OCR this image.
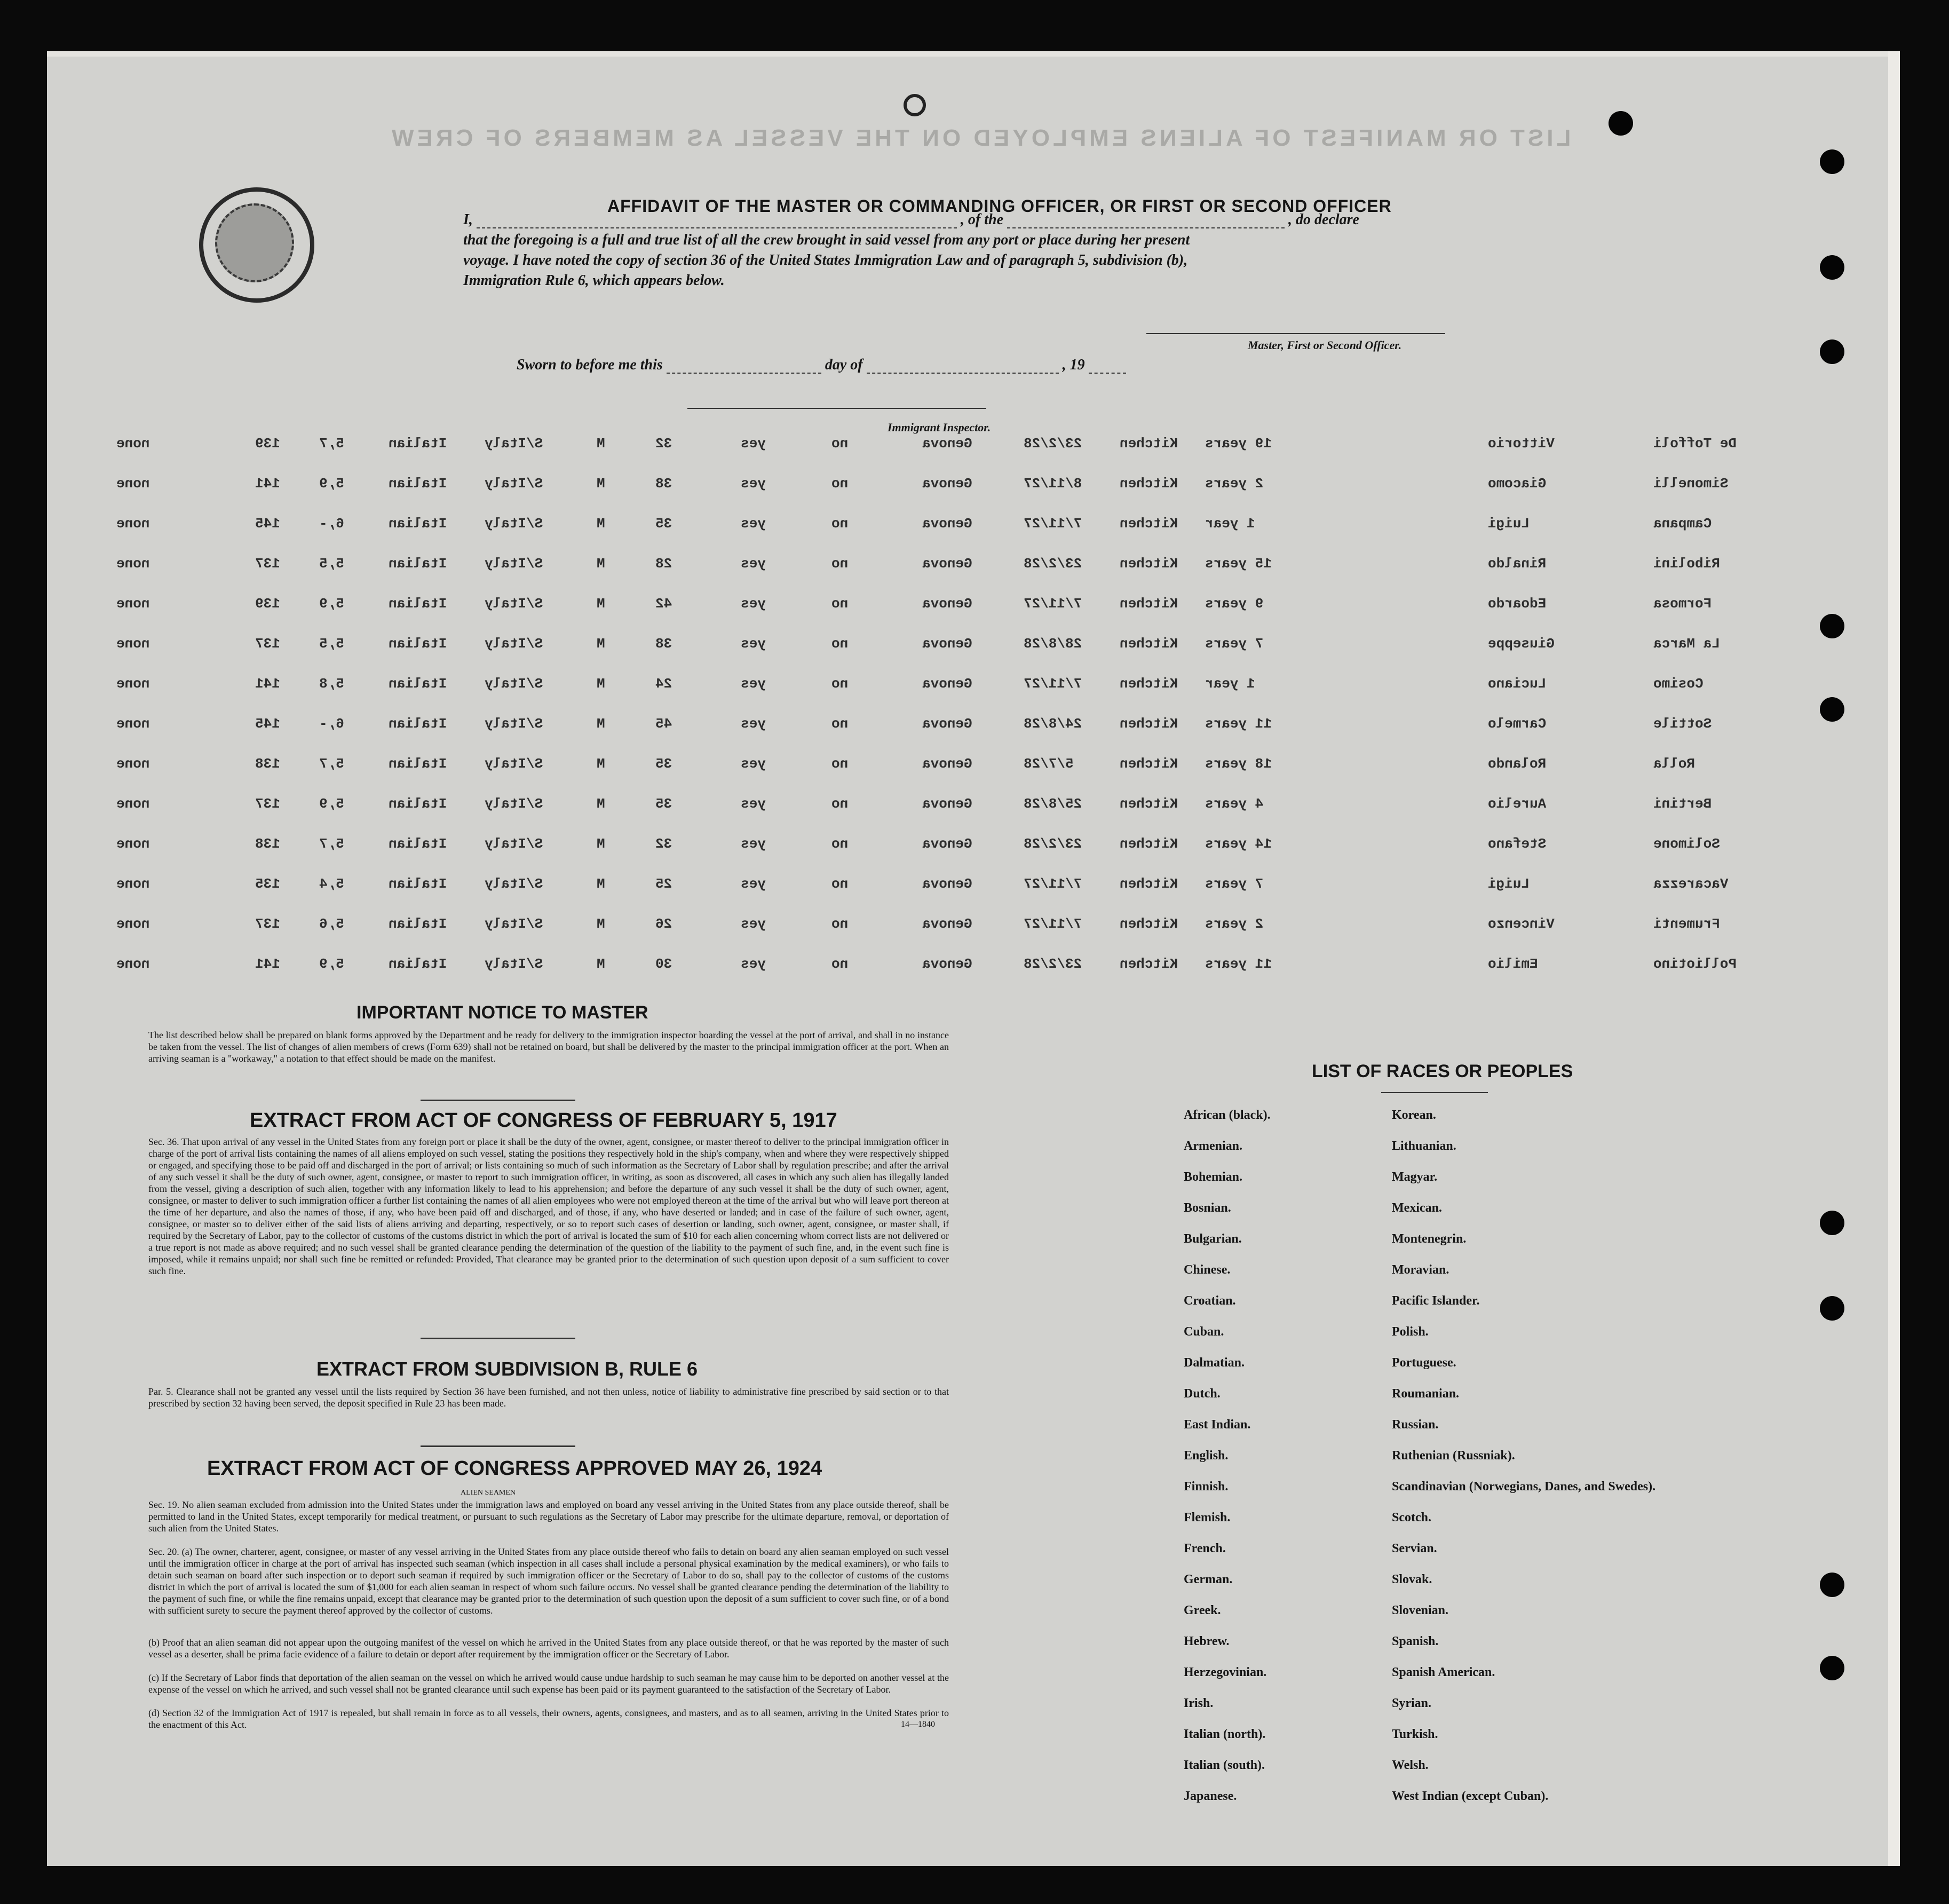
LIST OR MANIFEST OF ALIENS EMPLOYED ON THE VESSEL AS MEMBERS OF CREW
AFFIDAVIT OF THE MASTER OR COMMANDING OFFICER, OR FIRST OR SECOND OFFICER
I,	, of the	, do declare
that the foregoing is a full and true list of all the crew brought in said vessel from any port or place during her present
voyage. I have noted the copy of section 36 of the United States Immigration Law and of paragraph 5, subdivision (b),
Immigration Rule 6, which appears below.
Master, First or Second Officer.
Sworn to before me this	day of	, 19
Immigrant Inspector.
none	139	5,7	Italian	S/Italy	M	32	yes	no	Genova	23/2/28	Kitchen 19 years	Vittorio	De Toffoli
none	141	5,9	Italian	S/Italy	M	38	yes	no	Genova	8/11/27	Kitchen 2 years	Giacomo	Simonelli
none	145	6,-	Italian	S/Italy	M	35	yes	no	Genova	7/11/27	Kitchen 1 year	Luigi	Campana
none	137	5,5	Italian	S/Italy	M	28	yes	no	Genova	23/2/28	Kitchen 15 years	Rinaldo	Ribolini
none	139	5,9	Italian	S/Italy	M	42	yes	no	Genova	7/11/27	Kitchen 9 years	Edoardo	Formosa
none	137	5,5	Italian	S/Italy	M	38	yes	no	Genova	28/8/28	Kitchen 7 years	Giuseppe	La Marca
none	141	5,8	Italian	S/Italy	M	24	yes	no	Genova	7/11/27	Kitchen 1 year	Luciano	Cosimo
none	145	6,-	Italian	S/Italy	M	45	yes	no	Genova	24/8/28	Kitchen 11 years	Carmelo	Sottile
none	138	5,7	Italian	S/Italy	M	35	yes	no	Genova	5/7/28	Kitchen 18 years	Rolando	Rolla
none	137	5,9	Italian	S/Italy	M	35	yes	no	Genova	25/8/28	Kitchen 4 years	Aurelio	Bertini
none	138	5,7	Italian	S/Italy	M	32	yes	no	Genova	23/2/28	Kitchen 14 years	Stefano	Solimone
none	135	5,4	Italian	S/Italy	M	25	yes	no	Genova	7/11/27	Kitchen 7 years	Luigi	Vacarezza
none	137	5,6	Italian	S/Italy	M	26	yes	no	Genova	7/11/27	Kitchen 2 years	Vincenzo	Frumenti
none	141	5,9	Italian	S/Italy	M	30	yes	no	Genova	23/2/28	Kitchen 11 years	Emilio	Polliotino
IMPORTANT NOTICE TO MASTER
The list described below shall be prepared on blank forms approved by the Department and be ready for delivery to the immigration inspector boarding the vessel at the port of arrival, and shall in no instance be taken from the vessel. The list of changes of alien members of crews (Form 639) shall not be retained on board, but shall be delivered by the master to the principal immigration officer at the port. When an arriving seaman is a "workaway," a notation to that effect should be made on the manifest.
EXTRACT FROM ACT OF CONGRESS OF FEBRUARY 5, 1917
Sec. 36. That upon arrival of any vessel in the United States from any foreign port or place it shall be the duty of the owner, agent, consignee, or master thereof to deliver to the principal immigration officer in charge of the port of arrival lists containing the names of all aliens employed on such vessel, stating the positions they respectively hold in the ship's company, when and where they were respectively shipped or engaged, and specifying those to be paid off and discharged in the port of arrival; or lists containing so much of such information as the Secretary of Labor shall by regulation prescribe; and after the arrival of any such vessel it shall be the duty of such owner, agent, consignee, or master to report to such immigration officer, in writing, as soon as discovered, all cases in which any such alien has illegally landed from the vessel, giving a description of such alien, together with any information likely to lead to his apprehension; and before the departure of any such vessel it shall be the duty of such owner, agent, consignee, or master to deliver to such immigration officer a further list containing the names of all alien employees who were not employed thereon at the time of the arrival but who will leave port thereon at the time of her departure, and also the names of those, if any, who have been paid off and discharged, and of those, if any, who have deserted or landed; and in case of the failure of such owner, agent, consignee, or master so to deliver either of the said lists of aliens arriving and departing, respectively, or so to report such cases of desertion or landing, such owner, agent, consignee, or master shall, if required by the Secretary of Labor, pay to the collector of customs of the customs district in which the port of arrival is located the sum of $10 for each alien concerning whom correct lists are not delivered or a true report is not made as above required; and no such vessel shall be granted clearance pending the determination of the question of the liability to the payment of such fine, and, in the event such fine is imposed, while it remains unpaid; nor shall such fine be remitted or refunded: Provided, That clearance may be granted prior to the determination of such question upon deposit of a sum sufficient to cover such fine.
EXTRACT FROM SUBDIVISION B, RULE 6
Par. 5. Clearance shall not be granted any vessel until the lists required by Section 36 have been furnished, and not then unless, notice of liability to administrative fine prescribed by said section or to that prescribed by section 32 having been served, the deposit specified in Rule 23 has been made.
EXTRACT FROM ACT OF CONGRESS APPROVED MAY 26, 1924
ALIEN SEAMEN
Sec. 19. No alien seaman excluded from admission into the United States under the immigration laws and employed on board any vessel arriving in the United States from any place outside thereof, shall be permitted to land in the United States, except temporarily for medical treatment, or pursuant to such regulations as the Secretary of Labor may prescribe for the ultimate departure, removal, or deportation of such alien from the United States.
Sec. 20. (a) The owner, charterer, agent, consignee, or master of any vessel arriving in the United States from any place outside thereof who fails to detain on board any alien seaman employed on such vessel until the immigration officer in charge at the port of arrival has inspected such seaman (which inspection in all cases shall include a personal physical examination by the medical examiners), or who fails to detain such seaman on board after such inspection or to deport such seaman if required by such immigration officer or the Secretary of Labor to do so, shall pay to the collector of customs of the customs district in which the port of arrival is located the sum of $1,000 for each alien seaman in respect of whom such failure occurs. No vessel shall be granted clearance pending the determination of the liability to the payment of such fine, or while the fine remains unpaid, except that clearance may be granted prior to the determination of such question upon the deposit of a sum sufficient to cover such fine, or of a bond with sufficient surety to secure the payment thereof approved by the collector of customs.
(b) Proof that an alien seaman did not appear upon the outgoing manifest of the vessel on which he arrived in the United States from any place outside thereof, or that he was reported by the master of such vessel as a deserter, shall be prima facie evidence of a failure to detain or deport after requirement by the immigration officer or the Secretary of Labor.
(c) If the Secretary of Labor finds that deportation of the alien seaman on the vessel on which he arrived would cause undue hardship to such seaman he may cause him to be deported on another vessel at the expense of the vessel on which he arrived, and such vessel shall not be granted clearance until such expense has been paid or its payment guaranteed to the satisfaction of the Secretary of Labor.
(d) Section 32 of the Immigration Act of 1917 is repealed, but shall remain in force as to all vessels, their owners, agents, consignees, and masters, and as to all seamen, arriving in the United States prior to the enactment of this Act.	14—1840
LIST OF RACES OR PEOPLES
African (black).
Armenian.
Bohemian.
Bosnian.
Bulgarian.
Chinese.
Croatian.
Cuban.
Dalmatian.
Dutch.
East Indian.
English.
Finnish.
Flemish.
French.
German.
Greek.
Hebrew.
Herzegovinian.
Irish.
Italian (north).
Italian (south).
Japanese.
Korean.
Lithuanian.
Magyar.
Mexican.
Montenegrin.
Moravian.
Pacific Islander.
Polish.
Portuguese.
Roumanian.
Russian.
Ruthenian (Russniak).
Scandinavian (Norwegians, Danes, and Swedes).
Scotch.
Servian.
Slovak.
Slovenian.
Spanish.
Spanish American.
Syrian.
Turkish.
Welsh.
West Indian (except Cuban).
